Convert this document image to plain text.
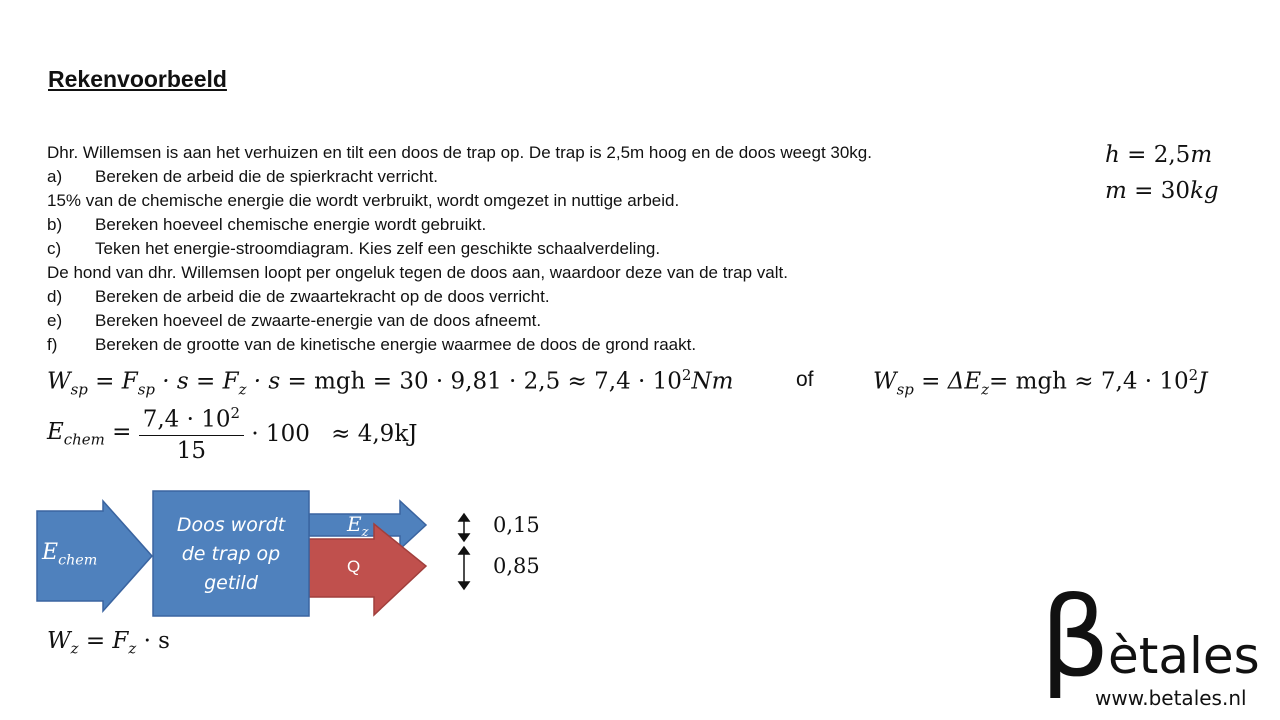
Rekenvoorbeeld
Dhr. Willemsen is aan het verhuizen en tilt een doos de trap op. De trap is 2,5m hoog en de doos weegt 30kg.
a) Bereken de arbeid die de spierkracht verricht.
15% van de chemische energie die wordt verbruikt, wordt omgezet in nuttige arbeid.
b) Bereken hoeveel chemische energie wordt gebruikt.
c) Teken het energie-stroomdiagram. Kies zelf een geschikte schaalverdeling.
De hond van dhr. Willemsen loopt per ongeluk tegen de doos aan, waardoor deze van de trap valt.
d) Bereken de arbeid die de zwaartekracht op de doos verricht.
e) Bereken hoeveel de zwaarte-energie van de doos afneemt.
f) Bereken de grootte van de kinetische energie waarmee de doos de grond raakt.
h = 2,5m
m = 30kg
$W_{sp} = F_{sp} \cdot s = F_z \cdot s$ = mgh = $30 \cdot 9,81 \cdot 2,5 \approx 7,4 \cdot 10^2Nm$	of	$W_{sp} = \Delta E_z=$ mgh ≈ $7,4 \cdot 10^2J$
$E_{chem} = \frac{7,4 \cdot 10^2}{15} \cdot 100 \approx 4,9kJ$
$E_{chem}$
Doos wordt
de trap op
getild
$E_z$
Q
0,15
0,85
$W_z = F_z \cdot s$	β
ètales
www.betales.nl
